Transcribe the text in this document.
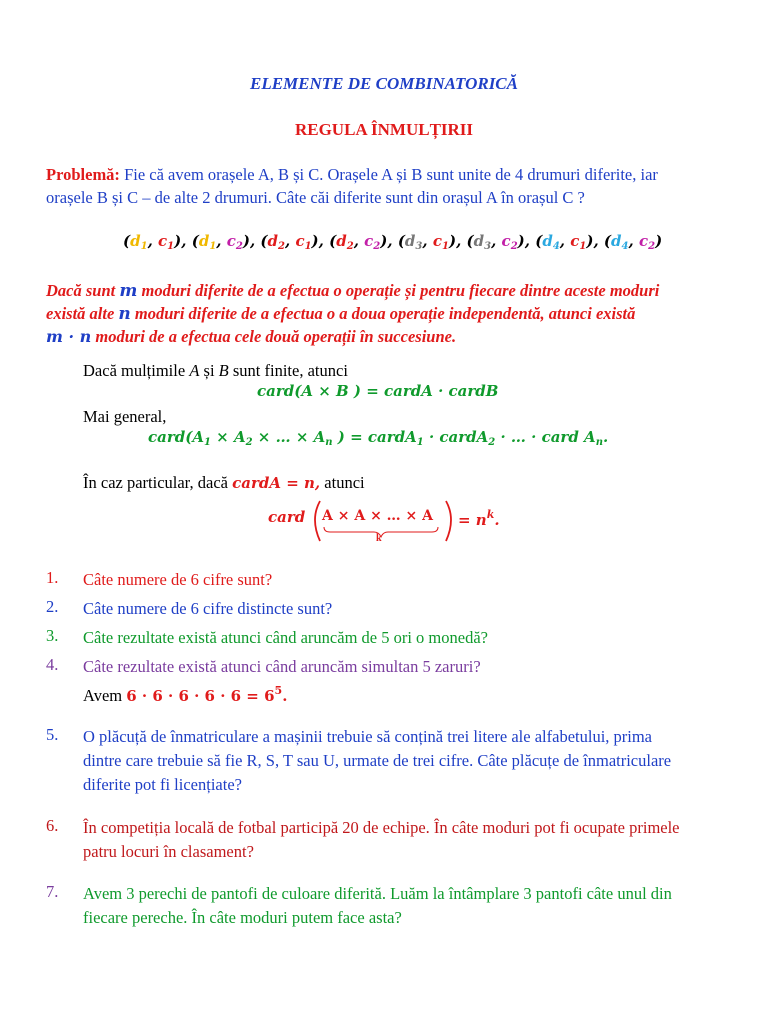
ELEMENTE DE COMBINATORICĂ
REGULA ÎNMULȚIRII
Problemă: Fie că avem orașele A, B și C. Orașele A și B sunt unite de 4 drumuri diferite, iar
orașele B și C – de alte 2 drumuri. Câte căi diferite sunt din orașul A în orașul C ?
($d_1$, $c_1$), ($d_1$, $c_2$), ($d_2$, $c_1$), ($d_2$, $c_2$), ($d_3$, $c_1$), ($d_3$, $c_2$), ($d_4$, $c_1$), ($d_4$, $c_2$)
Dacă sunt m moduri diferite de a efectua o operație și pentru fiecare dintre aceste moduri
există alte n moduri diferite de a efectua o a doua operație independentă, atunci există
m · n moduri de a efectua cele două operații în succesiune.
Dacă mulțimile A și B sunt finite, atunci
card(A × B ) = cardA · cardB
Mai general,
$card(A_1 \times A_2$ × … × $A_n$ ) = cardA$_1$ · cardA$_2$ · … · card $A_n$.
În caz particular, dacă cardA = n, atunci
card A × A × … × A
k
= $n^k$.
1. Câte numere de 6 cifre sunt?
2. Câte numere de 6 cifre distincte sunt?
3. Câte rezultate există atunci când aruncăm de 5 ori o monedă?
4. Câte rezultate există atunci când aruncăm simultan 5 zaruri?
Avem $6 \cdot 6 \cdot 6 \cdot 6 \cdot 6 = 6^5$.
5. O plăcuță de înmatriculare a mașinii trebuie să conțină trei litere ale alfabetului, prima
dintre care trebuie să fie R, S, T sau U, urmate de trei cifre. Câte plăcuțe de înmatriculare
diferite pot fi licențiate?
6. În competiția locală de fotbal participă 20 de echipe. În câte moduri pot fi ocupate primele
patru locuri în clasament?
7. Avem 3 perechi de pantofi de culoare diferită. Luăm la întâmplare 3 pantofi câte unul din
fiecare pereche. În câte moduri putem face asta?
